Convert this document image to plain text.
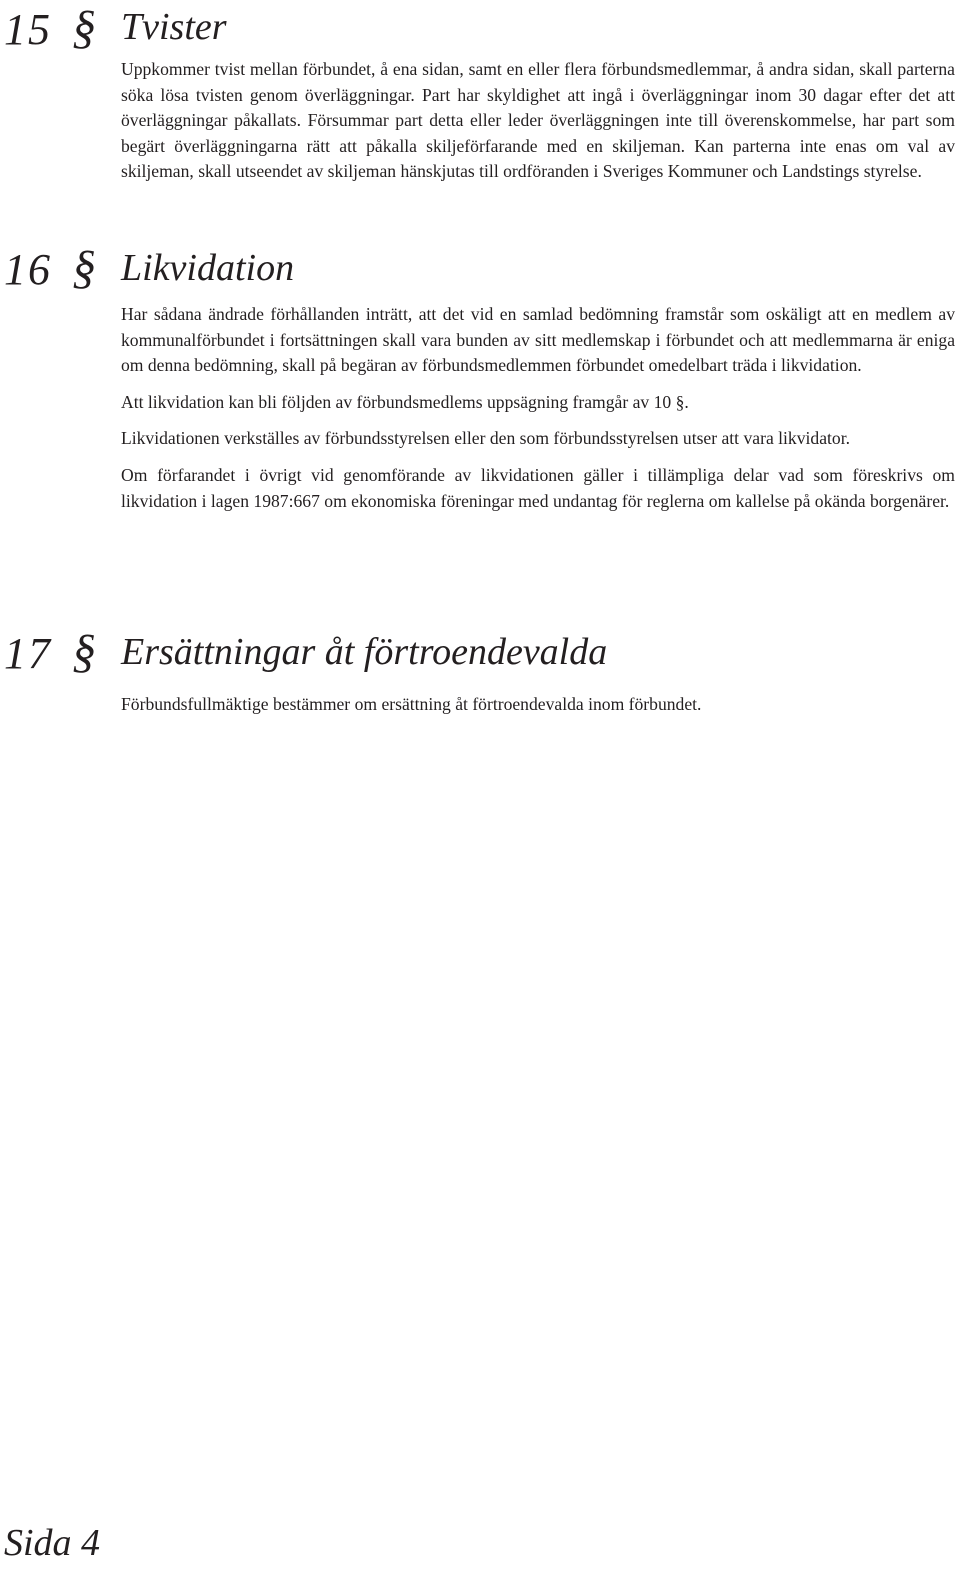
15 § Tvister

Uppkommer tvist mellan förbundet, å ena sidan, samt en eller flera förbundsmedlemmar, å andra sidan, skall parterna söka lösa tvisten genom överläggningar. Part har skyldighet att ingå i överläggningar inom 30 dagar efter det att överläggningar påkallats. Försummar part detta eller leder överläggningen inte till överenskommelse, har part som begärt överläggningarna rätt att påkalla skiljeförfarande med en skiljeman. Kan parterna inte enas om val av skiljeman, skall utseendet av skiljeman hänskjutas till ordföranden i Sveriges Kommuner och Landstings styrelse.

16 § Likvidation

Har sådana ändrade förhållanden inträtt, att det vid en samlad bedömning framstår som oskäligt att en medlem av kommunalförbundet i fortsättningen skall vara bunden av sitt medlemskap i förbundet och att medlemmarna är eniga om denna bedömning, skall på begäran av förbundsmedlemmen förbundet omedelbart träda i likvidation.

Att likvidation kan bli följden av förbundsmedlems uppsägning framgår av 10 §.

Likvidationen verkställes av förbundsstyrelsen eller den som förbundsstyrelsen utser att vara likvidator.

Om förfarandet i övrigt vid genomförande av likvidationen gäller i tillämpliga delar vad som föreskrivs om likvidation i lagen 1987:667 om ekonomiska föreningar med undantag för reglerna om kallelse på okända borgenärer.

17 § Ersättningar åt förtroendevalda

Förbundsfullmäktige bestämmer om ersättning åt förtroendevalda inom förbundet.

Sida 4
